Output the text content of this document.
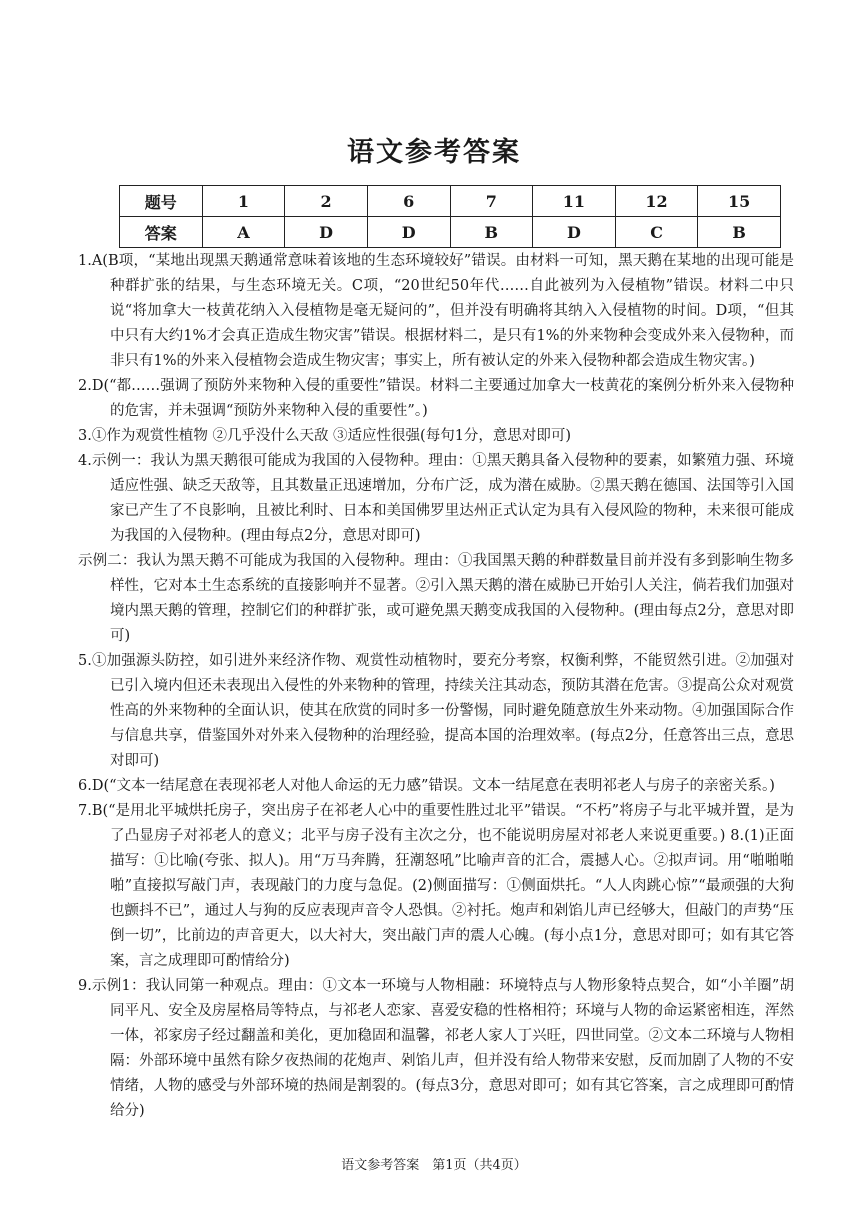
语文参考答案
题号	1	2	6	7	11	12	15
答案	A	D	D	B	D	C	B

1.A(B项，“某地出现黑天鹅通常意味着该地的生态环境较好”错误。由材料一可知，黑天鹅在某地的出现可能是种群扩张的结果，与生态环境无关。C项，“20世纪50年代……自此被列为入侵植物”错误。材料二中只说“将加拿大一枝黄花纳入入侵植物是毫无疑问的”，但并没有明确将其纳入入侵植物的时间。D项，“但其中只有大约1%才会真正造成生物灾害”错误。根据材料二，是只有1%的外来物种会变成外来入侵物种，而非只有1%的外来入侵植物会造成生物灾害；事实上，所有被认定的外来入侵物种都会造成生物灾害。)

2.D(“都……强调了预防外来物种入侵的重要性”错误。材料二主要通过加拿大一枝黄花的案例分析外来入侵物种的危害，并未强调“预防外来物种入侵的重要性”。)

3.①作为观赏性植物 ②几乎没什么天敌 ③适应性很强(每句1分，意思对即可)

4.示例一：我认为黑天鹅很可能成为我国的入侵物种。理由：①黑天鹅具备入侵物种的要素，如繁殖力强、环境适应性强、缺乏天敌等，且其数量正迅速增加，分布广泛，成为潜在威胁。②黑天鹅在德国、法国等引入国家已产生了不良影响，且被比利时、日本和美国佛罗里达州正式认定为具有入侵风险的物种，未来很可能成为我国的入侵物种。(理由每点2分，意思对即可)

示例二：我认为黑天鹅不可能成为我国的入侵物种。理由：①我国黑天鹅的种群数量目前并没有多到影响生物多样性，它对本土生态系统的直接影响并不显著。②引入黑天鹅的潜在威胁已开始引人关注，倘若我们加强对境内黑天鹅的管理，控制它们的种群扩张，或可避免黑天鹅变成我国的入侵物种。(理由每点2分，意思对即可)

5.①加强源头防控，如引进外来经济作物、观赏性动植物时，要充分考察，权衡利弊，不能贸然引进。②加强对已引入境内但还未表现出入侵性的外来物种的管理，持续关注其动态，预防其潜在危害。③提高公众对观赏性高的外来物种的全面认识，使其在欣赏的同时多一份警惕，同时避免随意放生外来动物。④加强国际合作与信息共享，借鉴国外对外来入侵物种的治理经验，提高本国的治理效率。(每点2分，任意答出三点，意思对即可)

6.D(“文本一结尾意在表现祁老人对他人命运的无力感”错误。文本一结尾意在表明祁老人与房子的亲密关系。)

7.B(“是用北平城烘托房子，突出房子在祁老人心中的重要性胜过北平”错误。“不朽”将房子与北平城并置，是为了凸显房子对祁老人的意义；北平与房子没有主次之分，也不能说明房屋对祁老人来说更重要。) 8.(1)正面描写：①比喻(夸张、拟人)。用“万马奔腾，狂潮怒吼”比喻声音的汇合，震撼人心。②拟声词。用“啪啪啪啪”直接拟写敲门声，表现敲门的力度与急促。(2)侧面描写：①侧面烘托。“人人肉跳心惊”“最顽强的大狗也颤抖不已”，通过人与狗的反应表现声音令人恐惧。②衬托。炮声和剁馅儿声已经够大，但敲门的声势“压倒一切”，比前边的声音更大，以大衬大，突出敲门声的震人心魄。(每小点1分，意思对即可；如有其它答案，言之成理即可酌情给分)

9.示例1：我认同第一种观点。理由：①文本一环境与人物相融：环境特点与人物形象特点契合，如“小羊圈”胡同平凡、安全及房屋格局等特点，与祁老人恋家、喜爱安稳的性格相符；环境与人物的命运紧密相连，浑然一体，祁家房子经过翻盖和美化，更加稳固和温馨，祁老人家人丁兴旺，四世同堂。②文本二环境与人物相隔：外部环境中虽然有除夕夜热闹的花炮声、剁馅儿声，但并没有给人物带来安慰，反而加剧了人物的不安情绪，人物的感受与外部环境的热闹是割裂的。(每点3分，意思对即可；如有其它答案，言之成理即可酌情给分)

语文参考答案　第1页（共4页）
